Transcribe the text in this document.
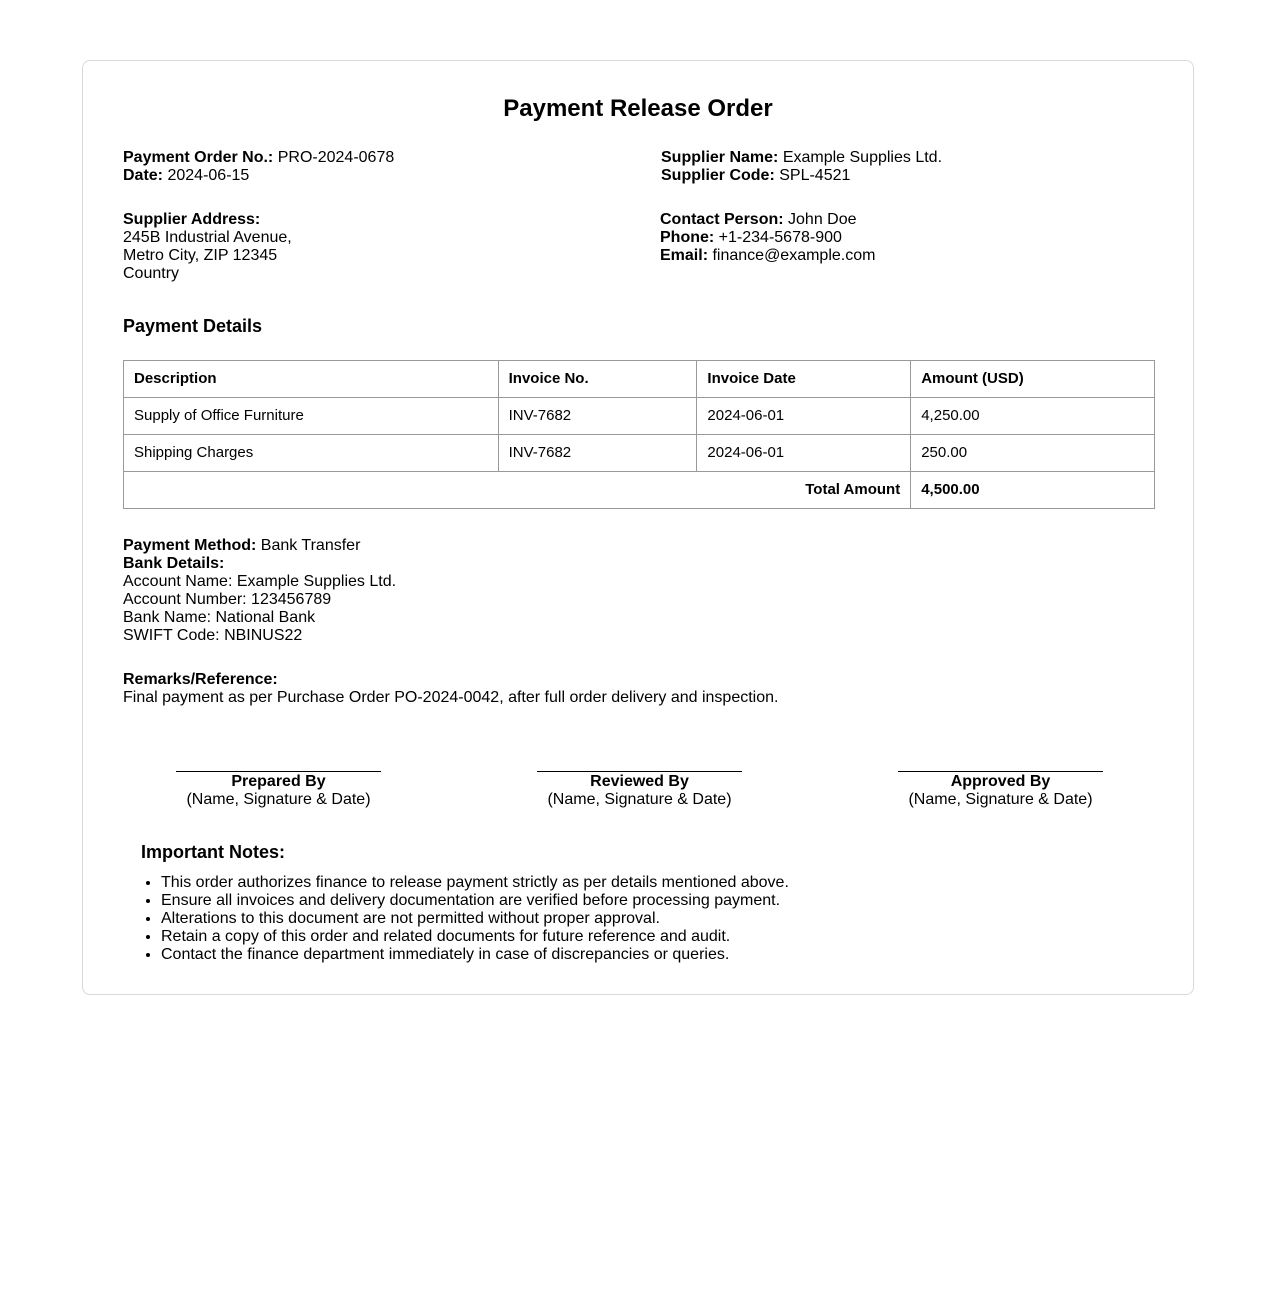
Payment Release Order
Payment Order No.: PRO-2024-0678
Date: 2024-06-15
Supplier Name: Example Supplies Ltd.
Supplier Code: SPL-4521
Supplier Address:
245B Industrial Avenue,
Metro City, ZIP 12345
Country
Contact Person: John Doe
Phone: +1-234-5678-900
Email: finance@example.com
Payment Details
Description	Invoice No.	Invoice Date	Amount (USD)
Supply of Office Furniture	INV-7682	2024-06-01	4,250.00
Shipping Charges	INV-7682	2024-06-01	250.00
Total Amount			4,500.00
Payment Method: Bank Transfer
Bank Details:
Account Name: Example Supplies Ltd.
Account Number: 123456789
Bank Name: National Bank
SWIFT Code: NBINUS22
Remarks/Reference:
Final payment as per Purchase Order PO-2024-0042, after full order delivery and inspection.
Prepared By
(Name, Signature & Date)
Reviewed By
(Name, Signature & Date)
Approved By
(Name, Signature & Date)
Important Notes:
• This order authorizes finance to release payment strictly as per details mentioned above.
• Ensure all invoices and delivery documentation are verified before processing payment.
• Alterations to this document are not permitted without proper approval.
• Retain a copy of this order and related documents for future reference and audit.
• Contact the finance department immediately in case of discrepancies or queries.
